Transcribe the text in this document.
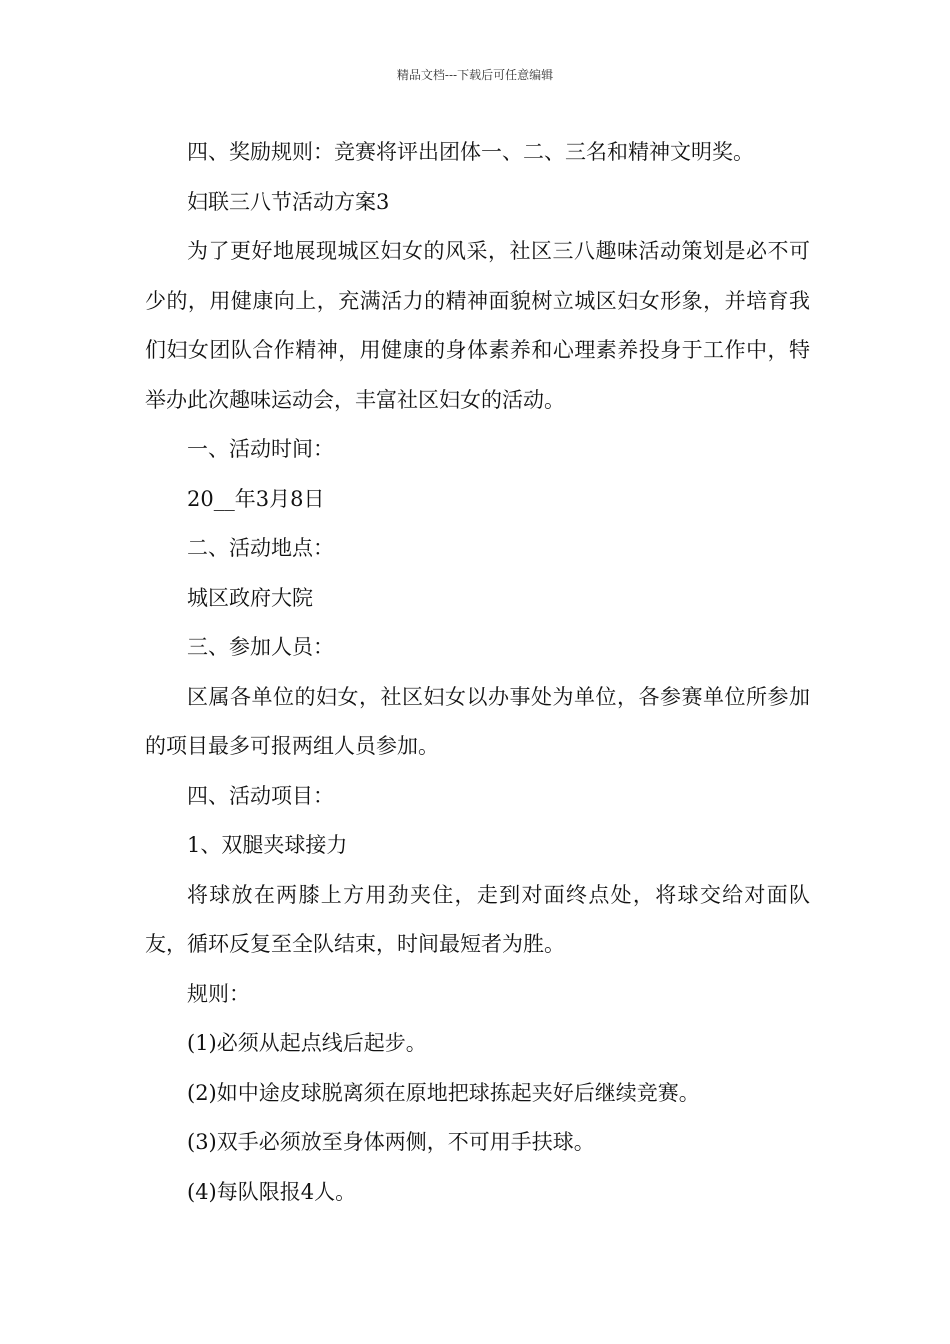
精品文档---下载后可任意编辑

四、奖励规则：竞赛将评出团体一、二、三名和精神文明奖。

妇联三八节活动方案3

为了更好地展现城区妇女的风采，社区三八趣味活动策划是必不可少的，用健康向上，充满活力的精神面貌树立城区妇女形象，并培育我们妇女团队合作精神，用健康的身体素养和心理素养投身于工作中，特举办此次趣味运动会，丰富社区妇女的活动。

一、活动时间：

20__年3月8日

二、活动地点：

城区政府大院

三、参加人员：

区属各单位的妇女，社区妇女以办事处为单位，各参赛单位所参加的项目最多可报两组人员参加。

四、活动项目：

1、双腿夹球接力

将球放在两膝上方用劲夹住，走到对面终点处，将球交给对面队友，循环反复至全队结束，时间最短者为胜。

规则：

(1)必须从起点线后起步。

(2)如中途皮球脱离须在原地把球拣起夹好后继续竞赛。

(3)双手必须放至身体两侧，不可用手扶球。

(4)每队限报4人。
